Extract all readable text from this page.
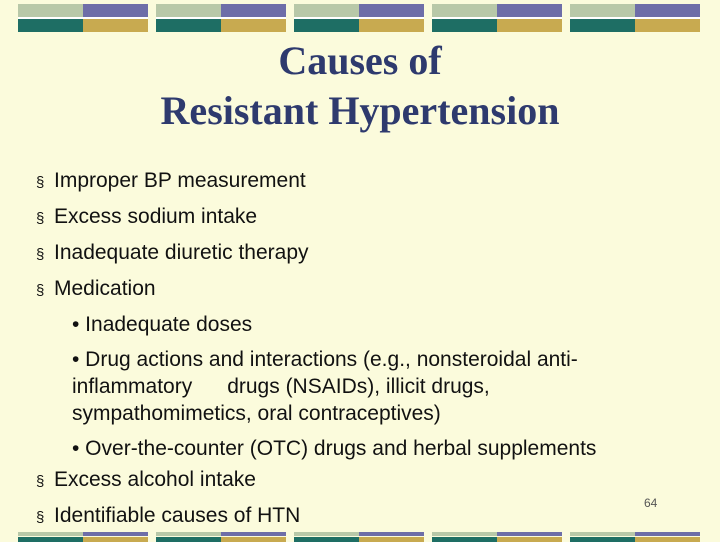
Causes of
Resistant Hypertension
§ Improper BP measurement
§ Excess sodium intake
§ Inadequate diuretic therapy
§ Medication
• Inadequate doses
• Drug actions and interactions (e.g., nonsteroidal anti-
inflammatory      drugs (NSAIDs), illicit drugs,
sympathomimetics, oral contraceptives)
• Over-the-counter (OTC) drugs and herbal supplements
§ Excess alcohol intake
§ Identifiable causes of HTN
64
